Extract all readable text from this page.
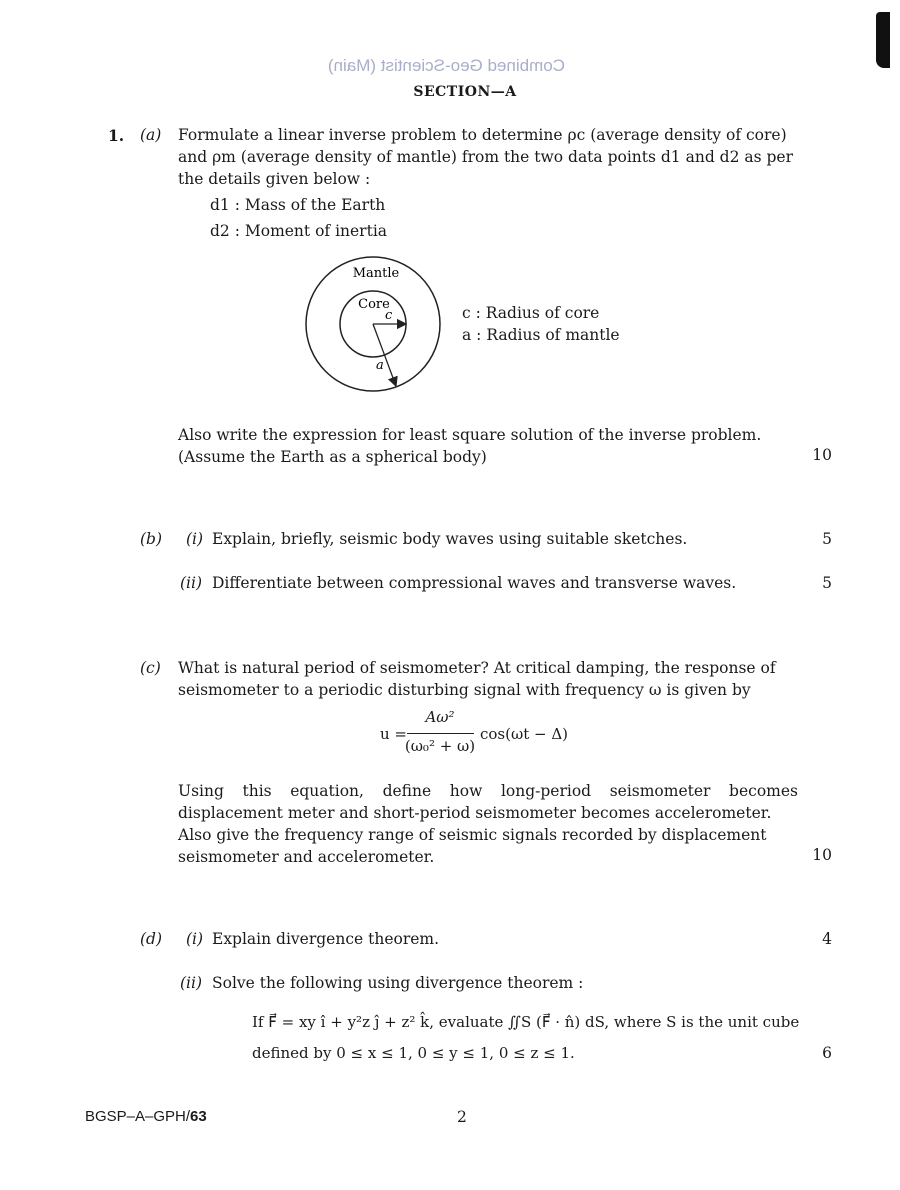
Combined Geo-Scientist (Main)
SECTION—A
1. (a) Formulate a linear inverse problem to determine ρc (average density of core)
and ρm (average density of mantle) from the two data points d1 and d2 as per
the details given below :
d1 : Mass of the Earth
d2 : Moment of inertia
Mantle
Core
c
a
c : Radius of core
a : Radius of mantle
Also write the expression for least square solution of the inverse problem.
(Assume the Earth as a spherical body)	10
(b) (i) Explain, briefly, seismic body waves using suitable sketches.	5
(ii) Differentiate between compressional waves and transverse waves.	5
(c) What is natural period of seismometer? At critical damping, the response of
seismometer to a periodic disturbing signal with frequency ω is given by
u =
Aω²
(ω₀² + ω)
cos(ωt − Δ)
Using this equation, define how long-period seismometer becomes
displacement meter and short-period seismometer becomes accelerometer.
Also give the frequency range of seismic signals recorded by displacement
seismometer and accelerometer.	10
(d) (i) Explain divergence theorem.	4
(ii) Solve the following using divergence theorem :
If F⃗ = xy î + y²z ĵ + z² k̂, evaluate ∬S (F⃗ · n̂) dS, where S is the unit cube
defined by 0 ≤ x ≤ 1, 0 ≤ y ≤ 1, 0 ≤ z ≤ 1.	6
BGSP–A–GPH/63	2
